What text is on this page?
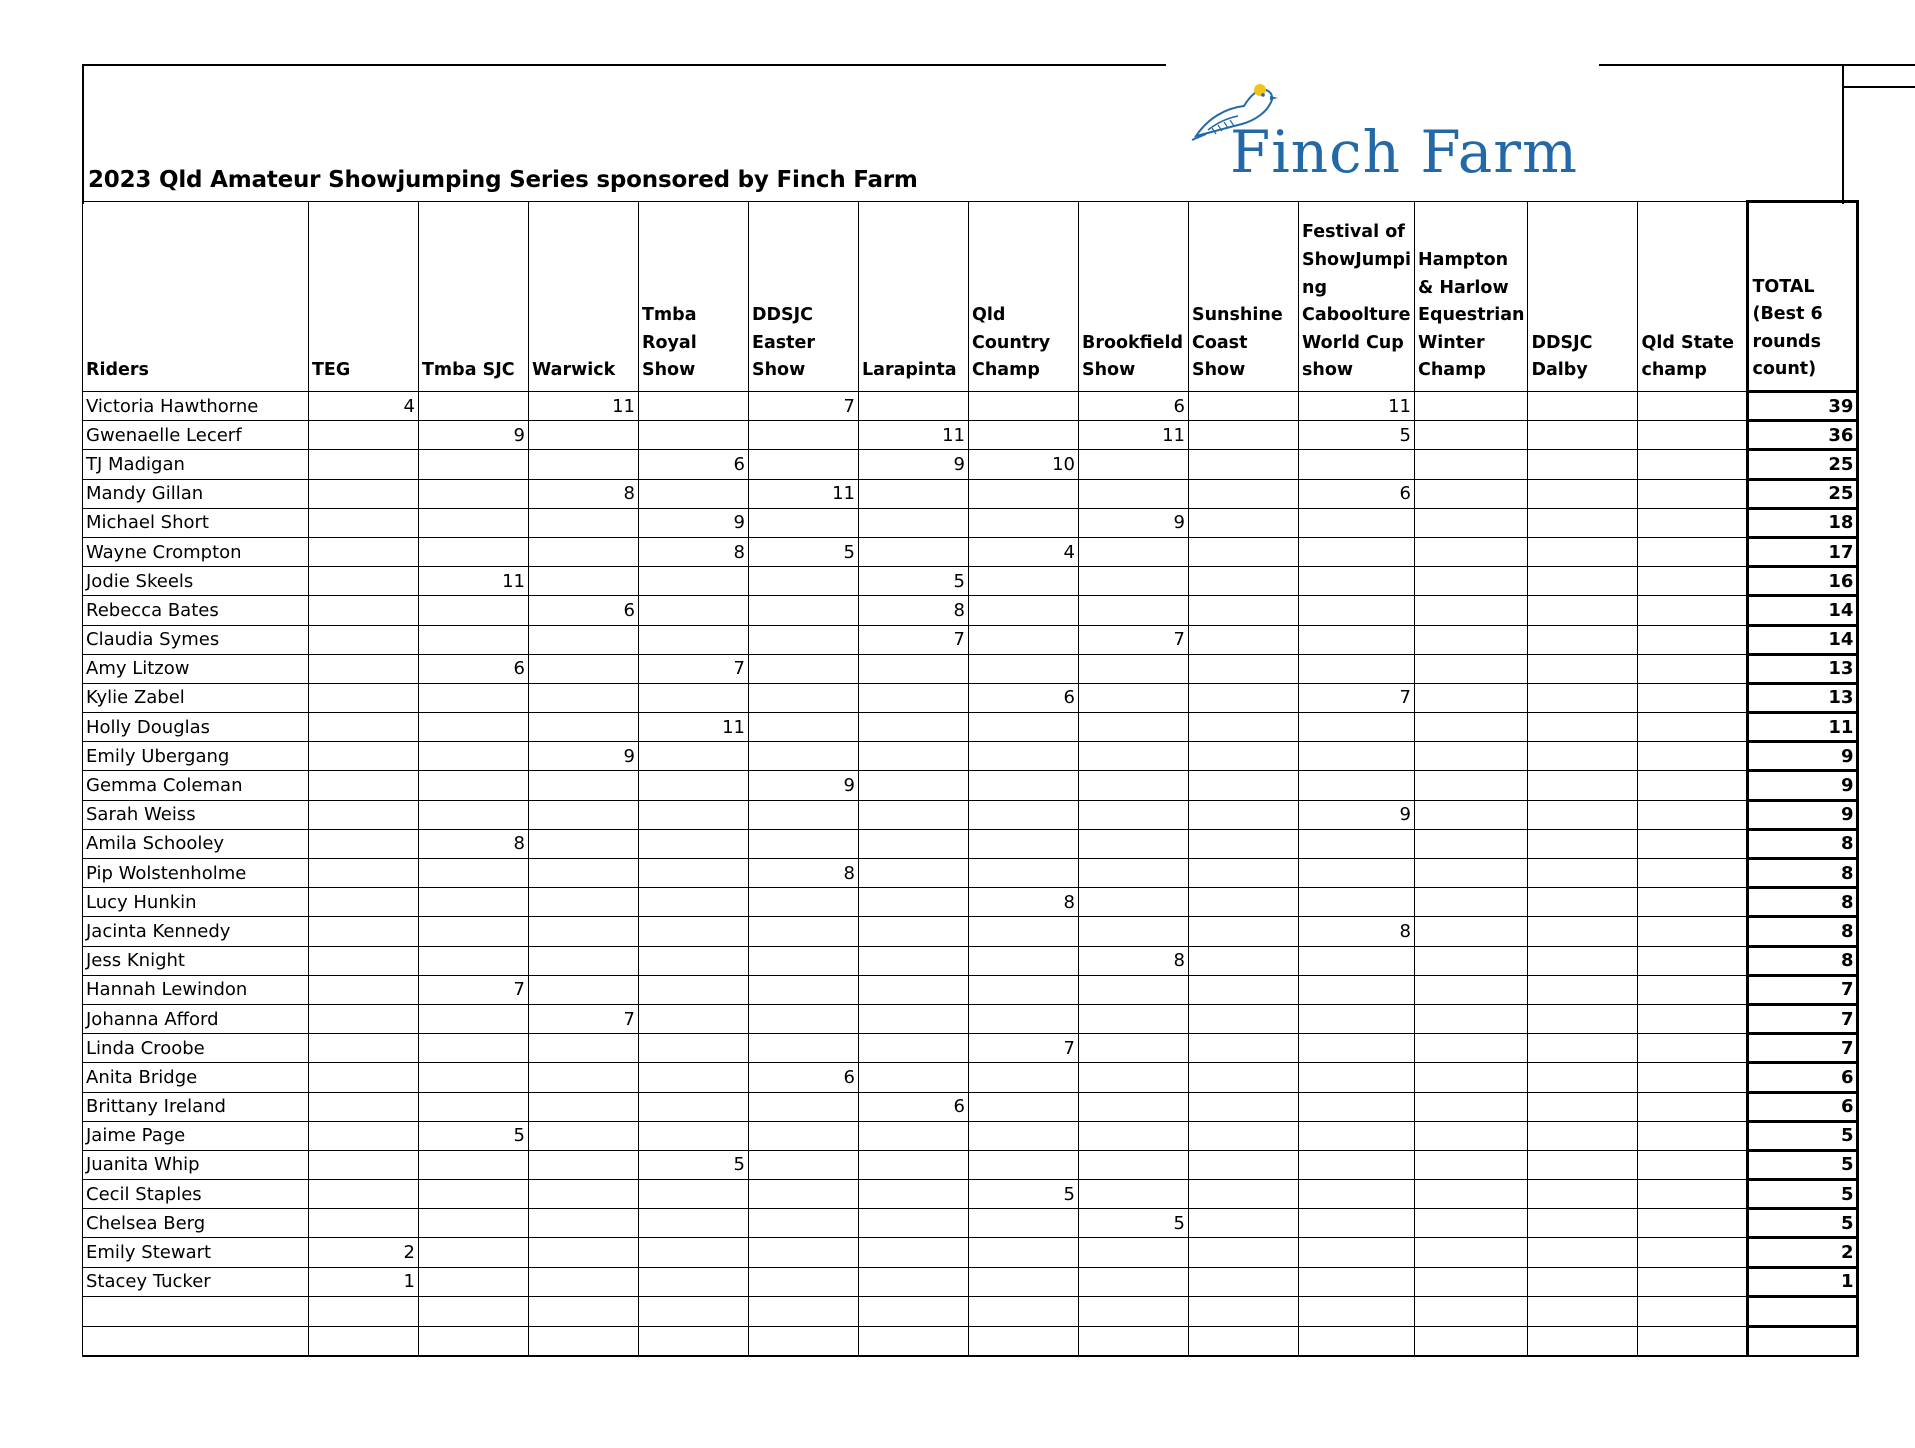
2023 Qld Amateur Showjumping Series sponsored by Finch Farm	Finch Farm
Riders	TEG	Tmba SJC	Warwick	Tmba Royal Show	DDSJC Easter Show	Larapinta	Qld Country Champ	Brookfield Show	Sunshine Coast Show	Festival of ShowJumpi ng Caboolture World Cup show	Hampton & Harlow Equestrian Winter Champ	DDSJC Dalby	Qld State champ	TOTAL (Best 6 rounds count)
Victoria Hawthorne	4		11		7			6		11				39
Gwenaelle Lecerf		9				11		11		5				36
TJ Madigan				6		9	10							25
Mandy Gillan			8		11					6				25
Michael Short				9				9						18
Wayne Crompton				8	5		4							17
Jodie Skeels		11				5								16
Rebecca Bates			6			8								14
Claudia Symes						7		7						14
Amy Litzow		6		7										13
Kylie Zabel							6			7				13
Holly Douglas				11										11
Emily Ubergang			9											9
Gemma Coleman					9									9
Sarah Weiss										9				9
Amila Schooley		8												8
Pip Wolstenholme					8									8
Lucy Hunkin							8							8
Jacinta Kennedy										8				8
Jess Knight								8						8
Hannah Lewindon		7												7
Johanna Afford			7											7
Linda Croobe							7							7
Anita Bridge					6									6
Brittany Ireland						6								6
Jaime Page		5												5
Juanita Whip				5										5
Cecil Staples							5							5
Chelsea Berg								5						5
Emily Stewart	2													2
Stacey Tucker	1													1
